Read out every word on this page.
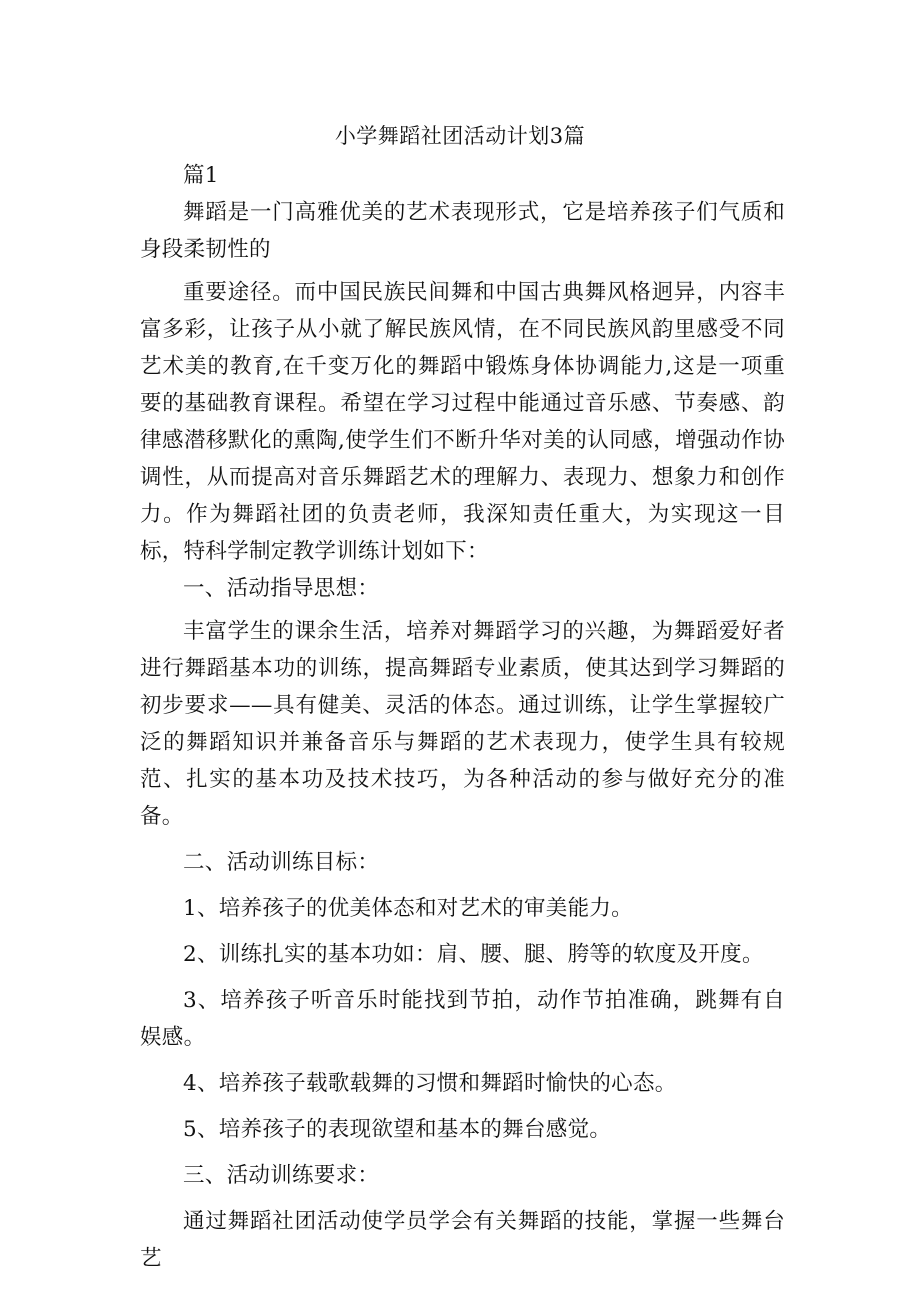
小学舞蹈社团活动计划3篇

篇1

舞蹈是一门高雅优美的艺术表现形式，它是培养孩子们气质和身段柔韧性的

重要途径。而中国民族民间舞和中国古典舞风格迥异，内容丰富多彩，让孩子从小就了解民族风情，在不同民族风韵里感受不同艺术美的教育,在千变万化的舞蹈中锻炼身体协调能力,这是一项重要的基础教育课程。希望在学习过程中能通过音乐感、节奏感、韵律感潜移默化的熏陶,使学生们不断升华对美的认同感，增强动作协调性，从而提高对音乐舞蹈艺术的理解力、表现力、想象力和创作力。作为舞蹈社团的负责老师，我深知责任重大，为实现这一目标，特科学制定教学训练计划如下：

一、活动指导思想：

丰富学生的课余生活，培养对舞蹈学习的兴趣，为舞蹈爱好者进行舞蹈基本功的训练，提高舞蹈专业素质，使其达到学习舞蹈的初步要求——具有健美、灵活的体态。通过训练，让学生掌握较广泛的舞蹈知识并兼备音乐与舞蹈的艺术表现力，使学生具有较规范、扎实的基本功及技术技巧，为各种活动的参与做好充分的准备。

二、活动训练目标：

1、培养孩子的优美体态和对艺术的审美能力。

2、训练扎实的基本功如：肩、腰、腿、胯等的软度及开度。

3、培养孩子听音乐时能找到节拍，动作节拍准确，跳舞有自娱感。

4、培养孩子载歌载舞的习惯和舞蹈时愉快的心态。

5、培养孩子的表现欲望和基本的舞台感觉。

三、活动训练要求：

通过舞蹈社团活动使学员学会有关舞蹈的技能，掌握一些舞台艺
